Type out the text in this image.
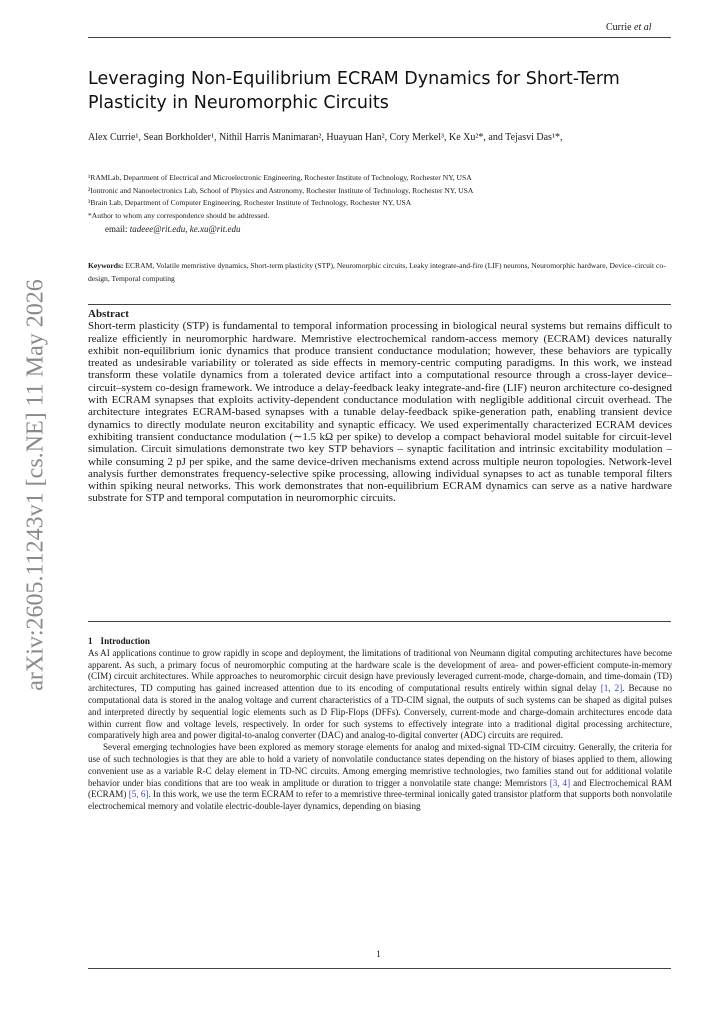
Currie et al
arXiv:2605.11243v1 [cs.NE] 11 May 2026
Leveraging Non-Equilibrium ECRAM Dynamics for Short-Term Plasticity in Neuromorphic Circuits
Alex Currie¹, Sean Borkholder¹, Nithil Harris Manimaran², Huayuan Han², Cory Merkel³, Ke Xu²*, and Tejasvi Das¹*,
¹RAMLab, Department of Electrical and Microelectronic Engineering, Rochester Institute of Technology, Rochester NY, USA
²Iontronic and Nanoelectronics Lab, School of Physics and Astronomy, Rochester Institute of Technology, Rochester NY, USA
³Brain Lab, Department of Computer Engineering, Rochester Institute of Technology, Rochester NY, USA
*Author to whom any correspondence should be addressed.
email: tadeee@rit.edu, ke.xu@rit.edu
Keywords: ECRAM, Volatile memristive dynamics, Short-term plasticity (STP), Neuromorphic circuits, Leaky integrate-and-fire (LIF) neurons, Neuromorphic hardware, Device–circuit co-design, Temporal computing
Abstract
Short-term plasticity (STP) is fundamental to temporal information processing in biological neural systems but remains difficult to realize efficiently in neuromorphic hardware. Memristive electrochemical random-access memory (ECRAM) devices naturally exhibit non-equilibrium ionic dynamics that produce transient conductance modulation; however, these behaviors are typically treated as undesirable variability or tolerated as side effects in memory-centric computing paradigms. In this work, we instead transform these volatile dynamics from a tolerated device artifact into a computational resource through a cross-layer device–circuit–system co-design framework. We introduce a delay-feedback leaky integrate-and-fire (LIF) neuron architecture co-designed with ECRAM synapses that exploits activity-dependent conductance modulation with negligible additional circuit overhead. The architecture integrates ECRAM-based synapses with a tunable delay-feedback spike-generation path, enabling transient device dynamics to directly modulate neuron excitability and synaptic efficacy. We used experimentally characterized ECRAM devices exhibiting transient conductance modulation (∼1.5 kΩ per spike) to develop a compact behavioral model suitable for circuit-level simulation. Circuit simulations demonstrate two key STP behaviors – synaptic facilitation and intrinsic excitability modulation – while consuming 2 pJ per spike, and the same device-driven mechanisms extend across multiple neuron topologies. Network-level analysis further demonstrates frequency-selective spike processing, allowing individual synapses to act as tunable temporal filters within spiking neural networks. This work demonstrates that non-equilibrium ECRAM dynamics can serve as a native hardware substrate for STP and temporal computation in neuromorphic circuits.
1 Introduction

As AI applications continue to grow rapidly in scope and deployment, the limitations of traditional von Neumann digital computing architectures have become apparent. As such, a primary focus of neuromorphic computing at the hardware scale is the development of area- and power-efficient compute-in-memory (CIM) circuit architectures. While approaches to neuromorphic circuit design have previously leveraged current-mode, charge-domain, and time-domain (TD) architectures, TD computing has gained increased attention due to its encoding of computational results entirely within signal delay [1, 2]. Because no computational data is stored in the analog voltage and current characteristics of a TD-CIM signal, the outputs of such systems can be shaped as digital pulses and interpreted directly by sequential logic elements such as D Flip-Flops (DFFs). Conversely, current-mode and charge-domain architectures encode data within current flow and voltage levels, respectively. In order for such systems to effectively integrate into a traditional digital processing architecture, comparatively high area and power digital-to-analog converter (DAC) and analog-to-digital converter (ADC) circuits are required.

Several emerging technologies have been explored as memory storage elements for analog and mixed-signal TD-CIM circuitry. Generally, the criteria for use of such technologies is that they are able to hold a variety of nonvolatile conductance states depending on the history of biases applied to them, allowing convenient use as a variable R-C delay element in TD-NC circuits. Among emerging memristive technologies, two families stand out for additional volatile behavior under bias conditions that are too weak in amplitude or duration to trigger a nonvolatile state change: Memristors [3, 4] and Electrochemical RAM (ECRAM) [5, 6]. In this work, we use the term ECRAM to refer to a memristive three-terminal ionically gated transistor platform that supports both nonvolatile electrochemical memory and volatile electric-double-layer dynamics, depending on biasing

1
